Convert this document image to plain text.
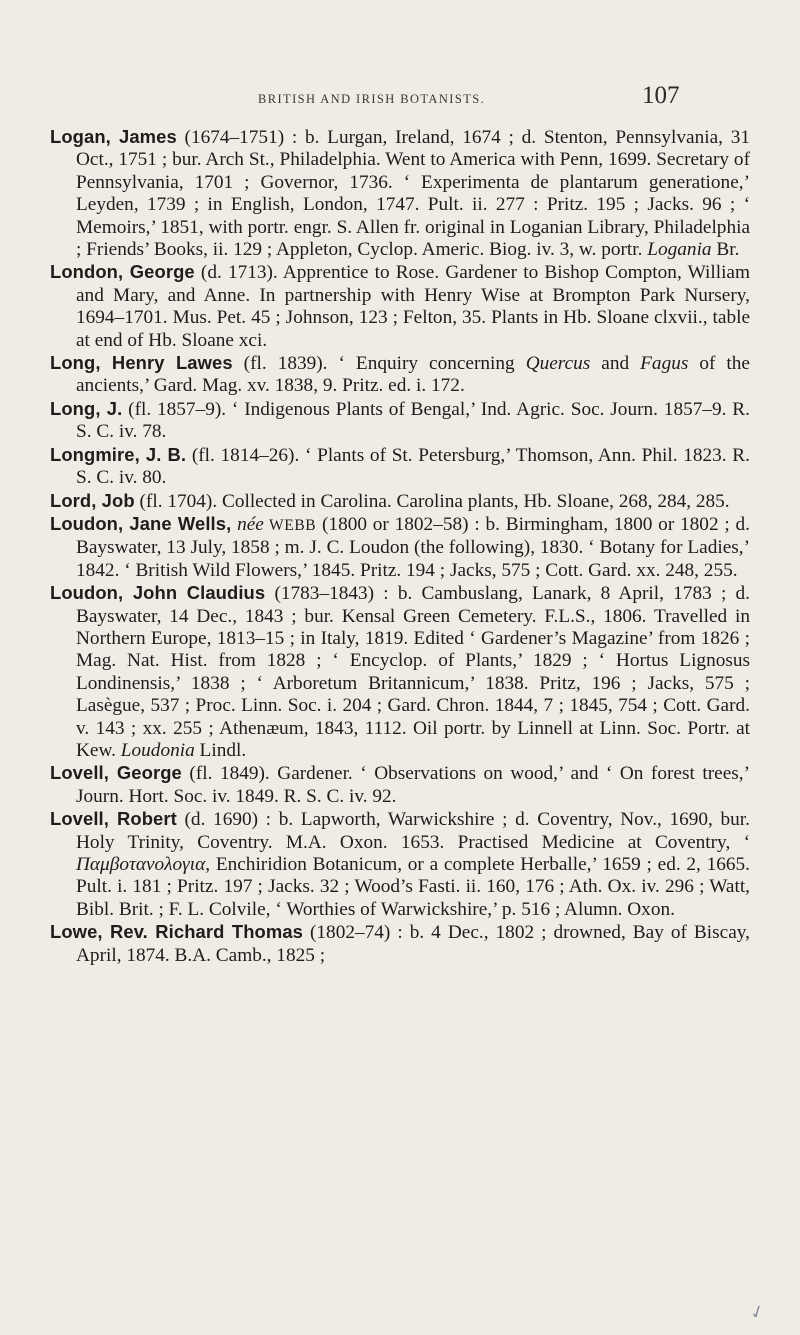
BRITISH AND IRISH BOTANISTS.	107

Logan, James (1674–1751) : b. Lurgan, Ireland, 1674 ; d. Stenton, Pennsylvania, 31 Oct., 1751 ; bur. Arch St., Philadelphia. Went to America with Penn, 1699. Secretary of Pennsylvania, 1701 ; Governor, 1736. ‘ Experimenta de plantarum generatione,’ Leyden, 1739 ; in English, London, 1747. Pult. ii. 277 : Pritz. 195 ; Jacks. 96 ; ‘ Memoirs,’ 1851, with portr. engr. S. Allen fr. original in Loganian Library, Philadelphia ; Friends’ Books, ii. 129 ; Appleton, Cyclop. Americ. Biog. iv. 3, w. portr. Logania Br.

London, George (d. 1713). Apprentice to Rose. Gardener to Bishop Compton, William and Mary, and Anne. In partnership with Henry Wise at Brompton Park Nursery, 1694–1701. Mus. Pet. 45 ; Johnson, 123 ; Felton, 35. Plants in Hb. Sloane clxvii., table at end of Hb. Sloane xci.

Long, Henry Lawes (fl. 1839). ‘ Enquiry concerning Quercus and Fagus of the ancients,’ Gard. Mag. xv. 1838, 9. Pritz. ed. i. 172.

Long, J. (fl. 1857–9). ‘ Indigenous Plants of Bengal,’ Ind. Agric. Soc. Journ. 1857–9. R. S. C. iv. 78.

Longmire, J. B. (fl. 1814–26). ‘ Plants of St. Petersburg,’ Thomson, Ann. Phil. 1823. R. S. C. iv. 80.

Lord, Job (fl. 1704). Collected in Carolina. Carolina plants, Hb. Sloane, 268, 284, 285.

Loudon, Jane Wells, née WEBB (1800 or 1802–58) : b. Birmingham, 1800 or 1802 ; d. Bayswater, 13 July, 1858 ; m. J. C. Loudon (the following), 1830. ‘ Botany for Ladies,’ 1842. ‘ British Wild Flowers,’ 1845. Pritz. 194 ; Jacks, 575 ; Cott. Gard. xx. 248, 255.

Loudon, John Claudius (1783–1843) : b. Cambuslang, Lanark, 8 April, 1783 ; d. Bayswater, 14 Dec., 1843 ; bur. Kensal Green Cemetery. F.L.S., 1806. Travelled in Northern Europe, 1813–15 ; in Italy, 1819. Edited ‘ Gardener’s Magazine’ from 1826 ; Mag. Nat. Hist. from 1828 ; ‘ Encyclop. of Plants,’ 1829 ; ‘ Hortus Lignosus Londinensis,’ 1838 ; ‘ Arboretum Britannicum,’ 1838. Pritz, 196 ; Jacks, 575 ; Lasègue, 537 ; Proc. Linn. Soc. i. 204 ; Gard. Chron. 1844, 7 ; 1845, 754 ; Cott. Gard. v. 143 ; xx. 255 ; Athenæum, 1843, 1112. Oil portr. by Linnell at Linn. Soc. Portr. at Kew. Loudonia Lindl.

Lovell, George (fl. 1849). Gardener. ‘ Observations on wood,’ and ‘ On forest trees,’ Journ. Hort. Soc. iv. 1849. R. S. C. iv. 92.

Lovell, Robert (d. 1690) : b. Lapworth, Warwickshire ; d. Coventry, Nov., 1690, bur. Holy Trinity, Coventry. M.A. Oxon. 1653. Practised Medicine at Coventry, ‘ Παμβοτανολογια, Enchiridion Botanicum, or a complete Herballe,’ 1659 ; ed. 2, 1665. Pult. i. 181 ; Pritz. 197 ; Jacks. 32 ; Wood’s Fasti. ii. 160, 176 ; Ath. Ox. iv. 296 ; Watt, Bibl. Brit. ; F. L. Colvile, ‘ Worthies of Warwickshire,’ p. 516 ; Alumn. Oxon.

Lowe, Rev. Richard Thomas (1802–74) : b. 4 Dec., 1802 ; drowned, Bay of Biscay, April, 1874. B.A. Camb., 1825 ;

✓
